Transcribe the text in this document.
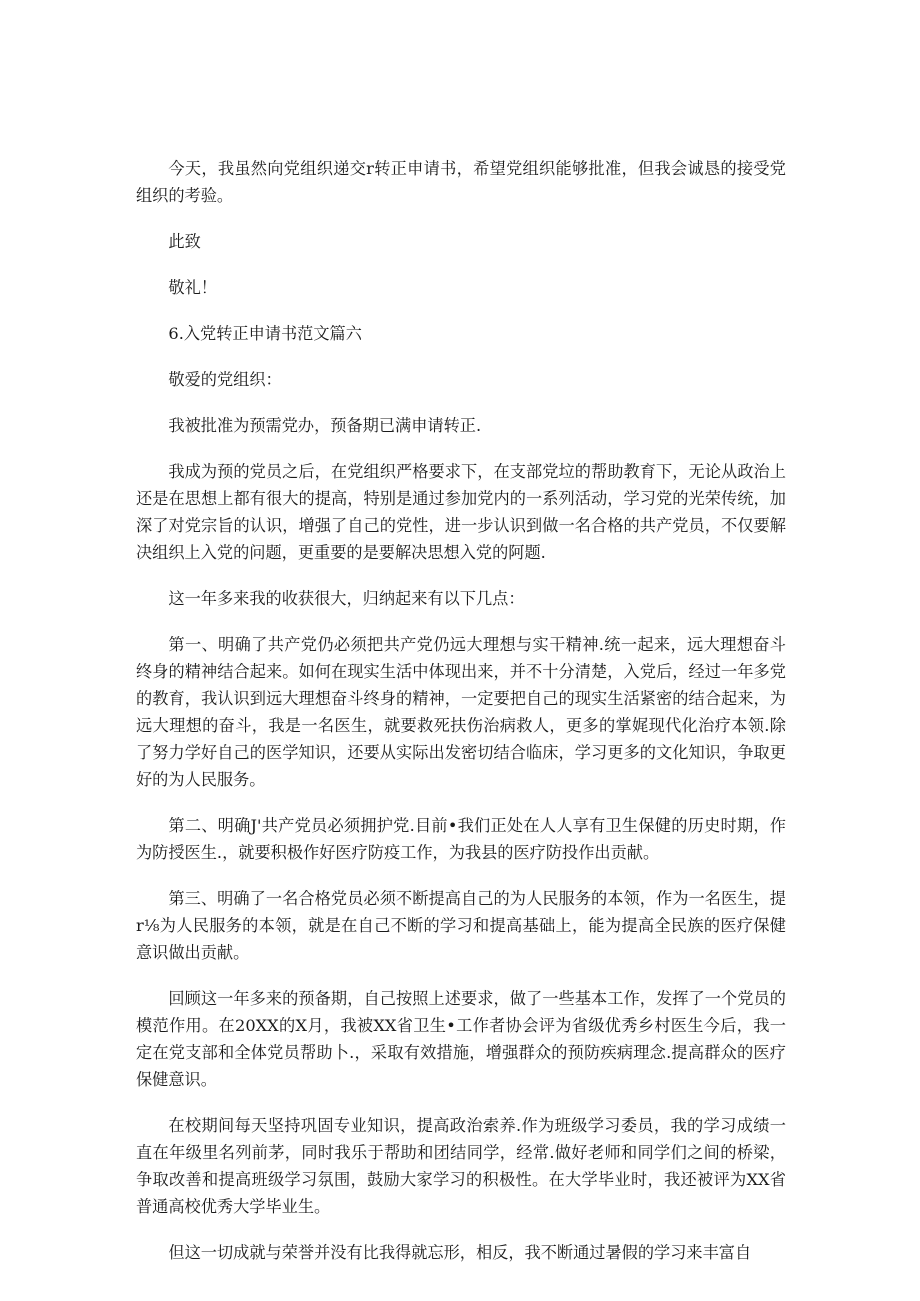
今天，我虽然向党组织递交r转正申请书，希望党组织能够批准，但我会诚恳的接受党组织的考验。

此致

敬礼！

6.入党转正申请书范文篇六

敬爱的党组织：

我被批准为预需党办，预备期已满申请转正.

我成为预的党员之后，在党组织严格要求下，在支部党垃的帮助教育下，无论从政治上还是在思想上都有很大的提高，特别是通过参加党内的一系列活动，学习党的光荣传统，加深了对党宗旨的认识，增强了自己的党性，进一步认识到做一名合格的共产党员，不仅要解决组织上入党的问题，更重要的是要解决思想入党的阿题.

这一年多来我的收获很大，归纳起来有以下几点：

第一、明确了共产党仍必须把共产党仍远大理想与实干精神.统一起来，远大理想奋斗终身的精神结合起来。如何在现实生活中体现出来，并不十分清楚，入党后，经过一年多党的教育，我认识到远大理想奋斗终身的精神，一定要把自己的现实生活紧密的结合起来，为远大理想的奋斗，我是一名医生，就要救死扶伤治病救人，更多的掌娓现代化治疗本领.除了努力学好自己的医学知识，还要从实际出发密切结合临床，学习更多的文化知识，争取更好的为人民服务。

第二、明确J'共产党员必须拥护党.目前•我们正处在人人享有卫生保健的历史时期，作为防授医生.，就要积极作好医疗防疫工作，为我县的医疗防投作出贡献。

第三、明确了一名合格党员必须不断提高自己的为人民服务的本领，作为一名医生，提r⅛为人民服务的本领，就是在自己不断的学习和提高基础上，能为提高全民族的医疗保健意识做出贡献。

回顾这一年多来的预备期，自己按照上述要求，做了一些基本工作，发挥了一个党员的模范作用。在20XX的X月，我被XX省卫生•工作者协会评为省级优秀乡村医生今后，我一定在党支部和全体党员帮助卜.，采取有效措施，增强群众的预防疾病理念.提高群众的医疗保健意识。

在校期间每天坚持巩固专业知识，提高政治索养.作为班级学习委员，我的学习成绩一直在年级里名列前茅，同时我乐于帮助和团结同学，经常.做好老师和同学们之间的桥梁，争取改善和提高班级学习氛围，鼓励大家学习的积极性。在大学毕业时，我还被评为XX省普通高校优秀大学毕业生。

但这一切成就与荣誉并没有比我得就忘形，相反，我不断通过暑假的学习来丰富自
